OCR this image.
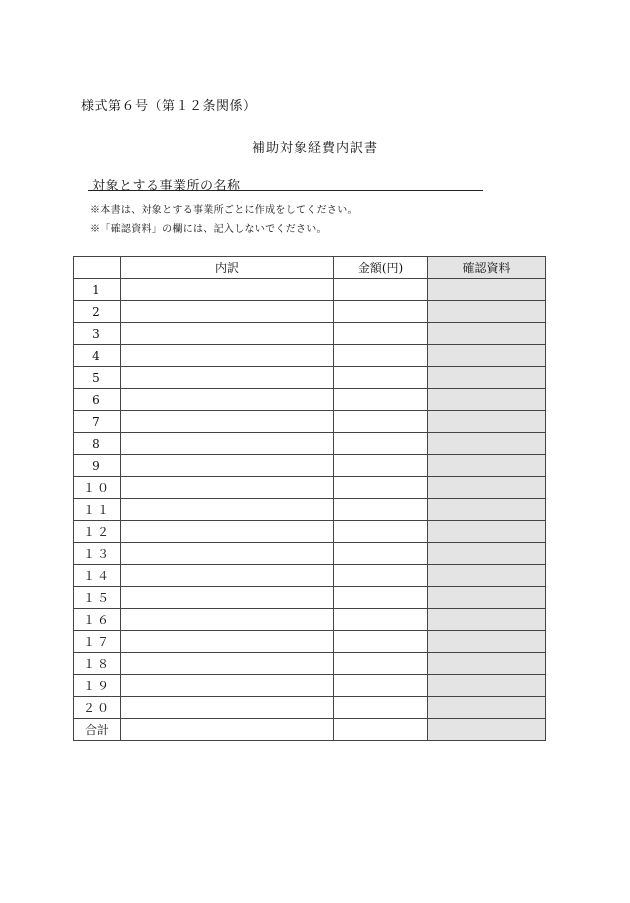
様式第６号（第１２条関係）
補助対象経費内訳書
対象とする事業所の名称
※本書は、対象とする事業所ごとに作成をしてください。
※「確認資料」の欄には、記入しないでください。
	内訳	金額(円)	確認資料
1			
2			
3			
4			
5			
6			
7			
8			
9			
１０			
１１			
１２			
１３			
１４			
１５			
１６			
１７			
１８			
１９			
２０			
合計			
